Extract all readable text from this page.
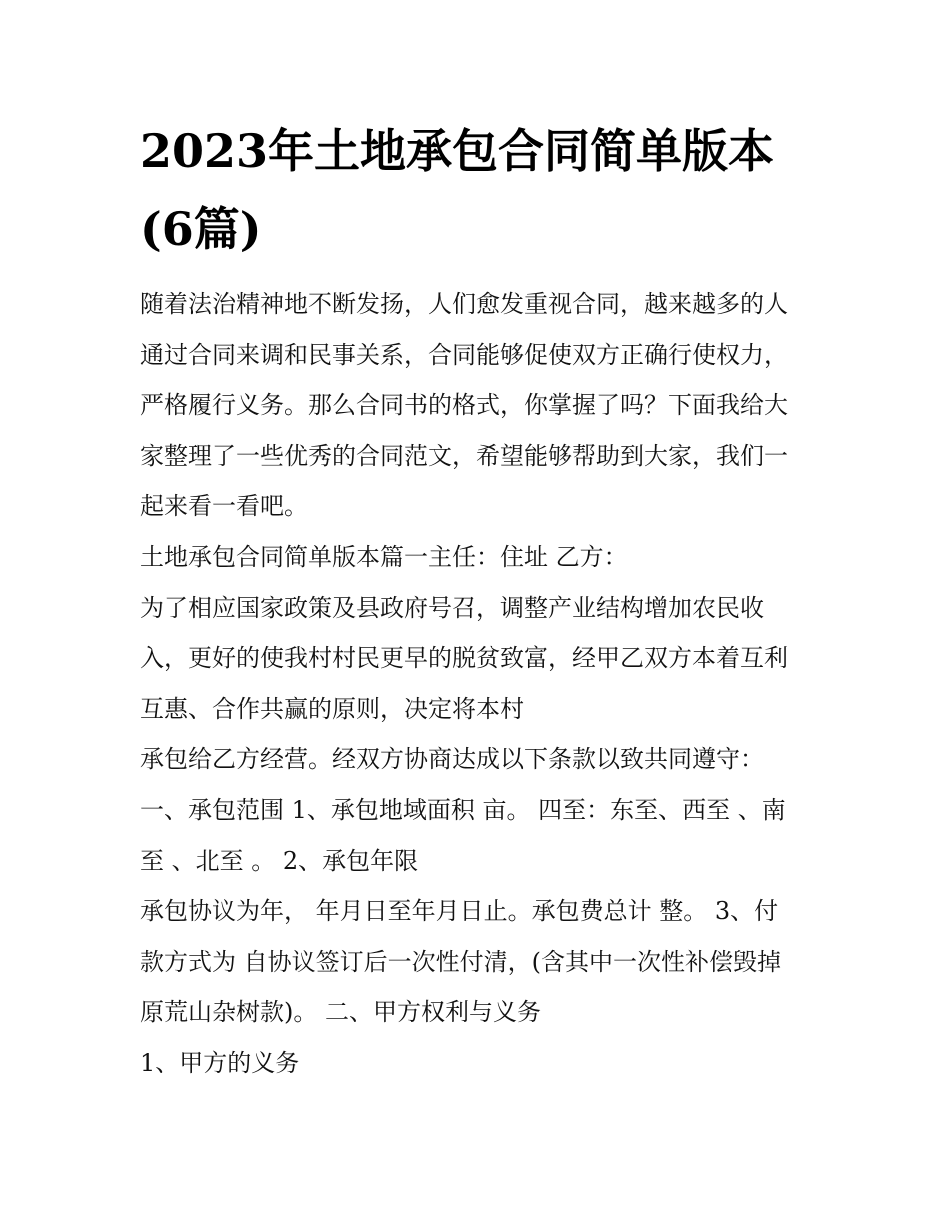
2023年土地承包合同简单版本
(6篇)
随着法治精神地不断发扬，人们愈发重视合同，越来越多的人
通过合同来调和民事关系，合同能够促使双方正确行使权力，
严格履行义务。那么合同书的格式，你掌握了吗？下面我给大
家整理了一些优秀的合同范文，希望能够帮助到大家，我们一
起来看一看吧。
土地承包合同简单版本篇一主任：住址 乙方：
为了相应国家政策及县政府号召，调整产业结构增加农民收
入，更好的使我村村民更早的脱贫致富，经甲乙双方本着互利
互惠、合作共赢的原则，决定将本村
承包给乙方经营。经双方协商达成以下条款以致共同遵守：
一、承包范围 1、承包地域面积 亩。 四至：东至、西至 、南
至 、北至 。 2、承包年限
承包协议为年， 年月日至年月日止。承包费总计 整。 3、付
款方式为 自协议签订后一次性付清，(含其中一次性补偿毁掉
原荒山杂树款)。 二、甲方权利与义务
1、甲方的义务
